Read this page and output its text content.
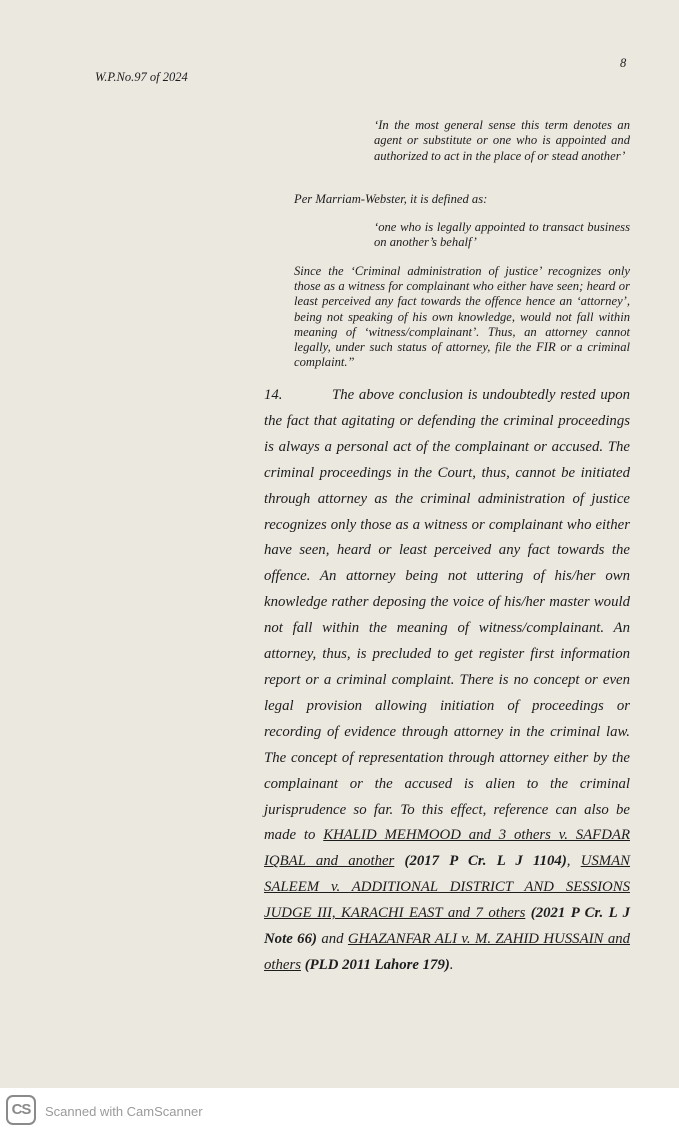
W.P.No.97 of 2024
8
‘In the most general sense this term denotes an agent or substitute or one who is appointed and authorized to act in the place of or stead another’
Per Marriam-Webster, it is defined as:
‘one who is legally appointed to transact business on another’s behalf’
Since the ‘Criminal administration of justice’ recognizes only those as a witness for complainant who either have seen; heard or least perceived any fact towards the offence hence an ‘attorney’, being not speaking of his own knowledge, would not fall within meaning of ‘witness/complainant’. Thus, an attorney cannot legally, under such status of attorney, file the FIR or a criminal complaint.”
14.	The above conclusion is undoubtedly rested upon the fact that agitating or defending the criminal proceedings is always a personal act of the complainant or accused. The criminal proceedings in the Court, thus, cannot be initiated through attorney as the criminal administration of justice recognizes only those as a witness or complainant who either have seen, heard or least perceived any fact towards the offence. An attorney being not uttering of his/her own knowledge rather deposing the voice of his/her master would not fall within the meaning of witness/complainant. An attorney, thus, is precluded to get register first information report or a criminal complaint. There is no concept or even legal provision allowing initiation of proceedings or recording of evidence through attorney in the criminal law. The concept of representation through attorney either by the complainant or the accused is alien to the criminal jurisprudence so far. To this effect, reference can also be made to KHALID MEHMOOD and 3 others v. SAFDAR IQBAL and another (2017 P Cr. L J 1104), USMAN SALEEM v. ADDITIONAL DISTRICT AND SESSIONS JUDGE III, KARACHI EAST and 7 others (2021 P Cr. L J Note 66) and GHAZANFAR ALI v. M. ZAHID HUSSAIN and others (PLD 2011 Lahore 179).
CS	Scanned with CamScanner
